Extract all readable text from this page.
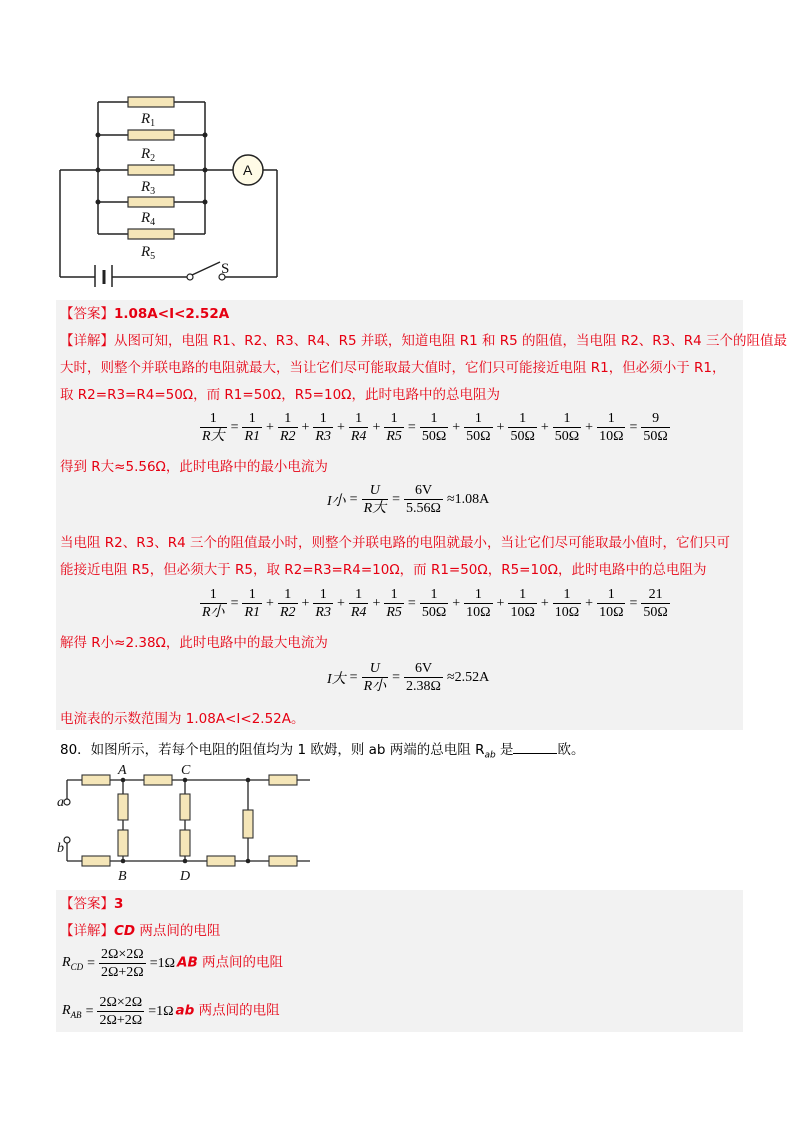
$R_1$
$R_2$
$R_3$
$R_4$
$R_5$
A
S
【答案】1.08A<I<2.52A
【详解】从图可知，电阻 R1、R2、R3、R4、R5 并联，知道电阻 R1 和 R5 的阻值，当电阻 R2、R3、R4 三个的阻值最
大时，则整个并联电路的电阻就最大，当让它们尽可能取最大值时，它们只可能接近电阻 R1，但必须小于 R1，
取 R2=R3=R4=50Ω，而 R1=50Ω，R5=10Ω，此时电路中的总电阻为
$\frac{1}{\text{R大}} = \frac{1}{R1} + \frac{1}{R2} + \frac{1}{R3} + \frac{1}{R4} + \frac{1}{R5} = \frac{1}{50\Omega} + \frac{1}{50\Omega} + \frac{1}{50\Omega} + \frac{1}{50\Omega} + \frac{1}{10\Omega} = \frac{9}{50\Omega}$
得到 R大≈5.56Ω，此时电路中的最小电流为
I小 = $\frac{U}{\text{R大}} = \frac{6V}{5.56\Omega} \approx 1.08A$
当电阻 R2、R3、R4 三个的阻值最小时，则整个并联电路的电阻就最小，当让它们尽可能取最小值时，它们只可
能接近电阻 R5，但必须大于 R5，取 R2=R3=R4=10Ω，而 R1=50Ω，R5=10Ω，此时电路中的总电阻为
$\frac{1}{\text{R小}} = \frac{1}{R1} + \frac{1}{R2} + \frac{1}{R3} + \frac{1}{R4} + \frac{1}{R5} = \frac{1}{50\Omega} + \frac{1}{10\Omega} + \frac{1}{10\Omega} + \frac{1}{10\Omega} + \frac{1}{10\Omega} = \frac{21}{50\Omega}$
解得 R小≈2.38Ω，此时电路中的最大电流为
I大 = $\frac{U}{\text{R小}} = \frac{6V}{2.38\Omega} \approx 2.52A$
电流表的示数范围为 1.08A<I<2.52A。
80．如图所示，若每个电阻的阻值均为 1 欧姆，则 ab 两端的总电阻 $R_{ab}$ 是	欧。
A	C
a
b
B	D
【答案】3
【详解】CD 两点间的电阻
$R_{CD} = \frac{2\Omega\times 2\Omega}{2\Omega+2\Omega} =1\Omega$ AB 两点间的电阻
$R_{AB} = \frac{2\Omega\times 2\Omega}{2\Omega+2\Omega} =1\Omega$ ab 两点间的电阻
